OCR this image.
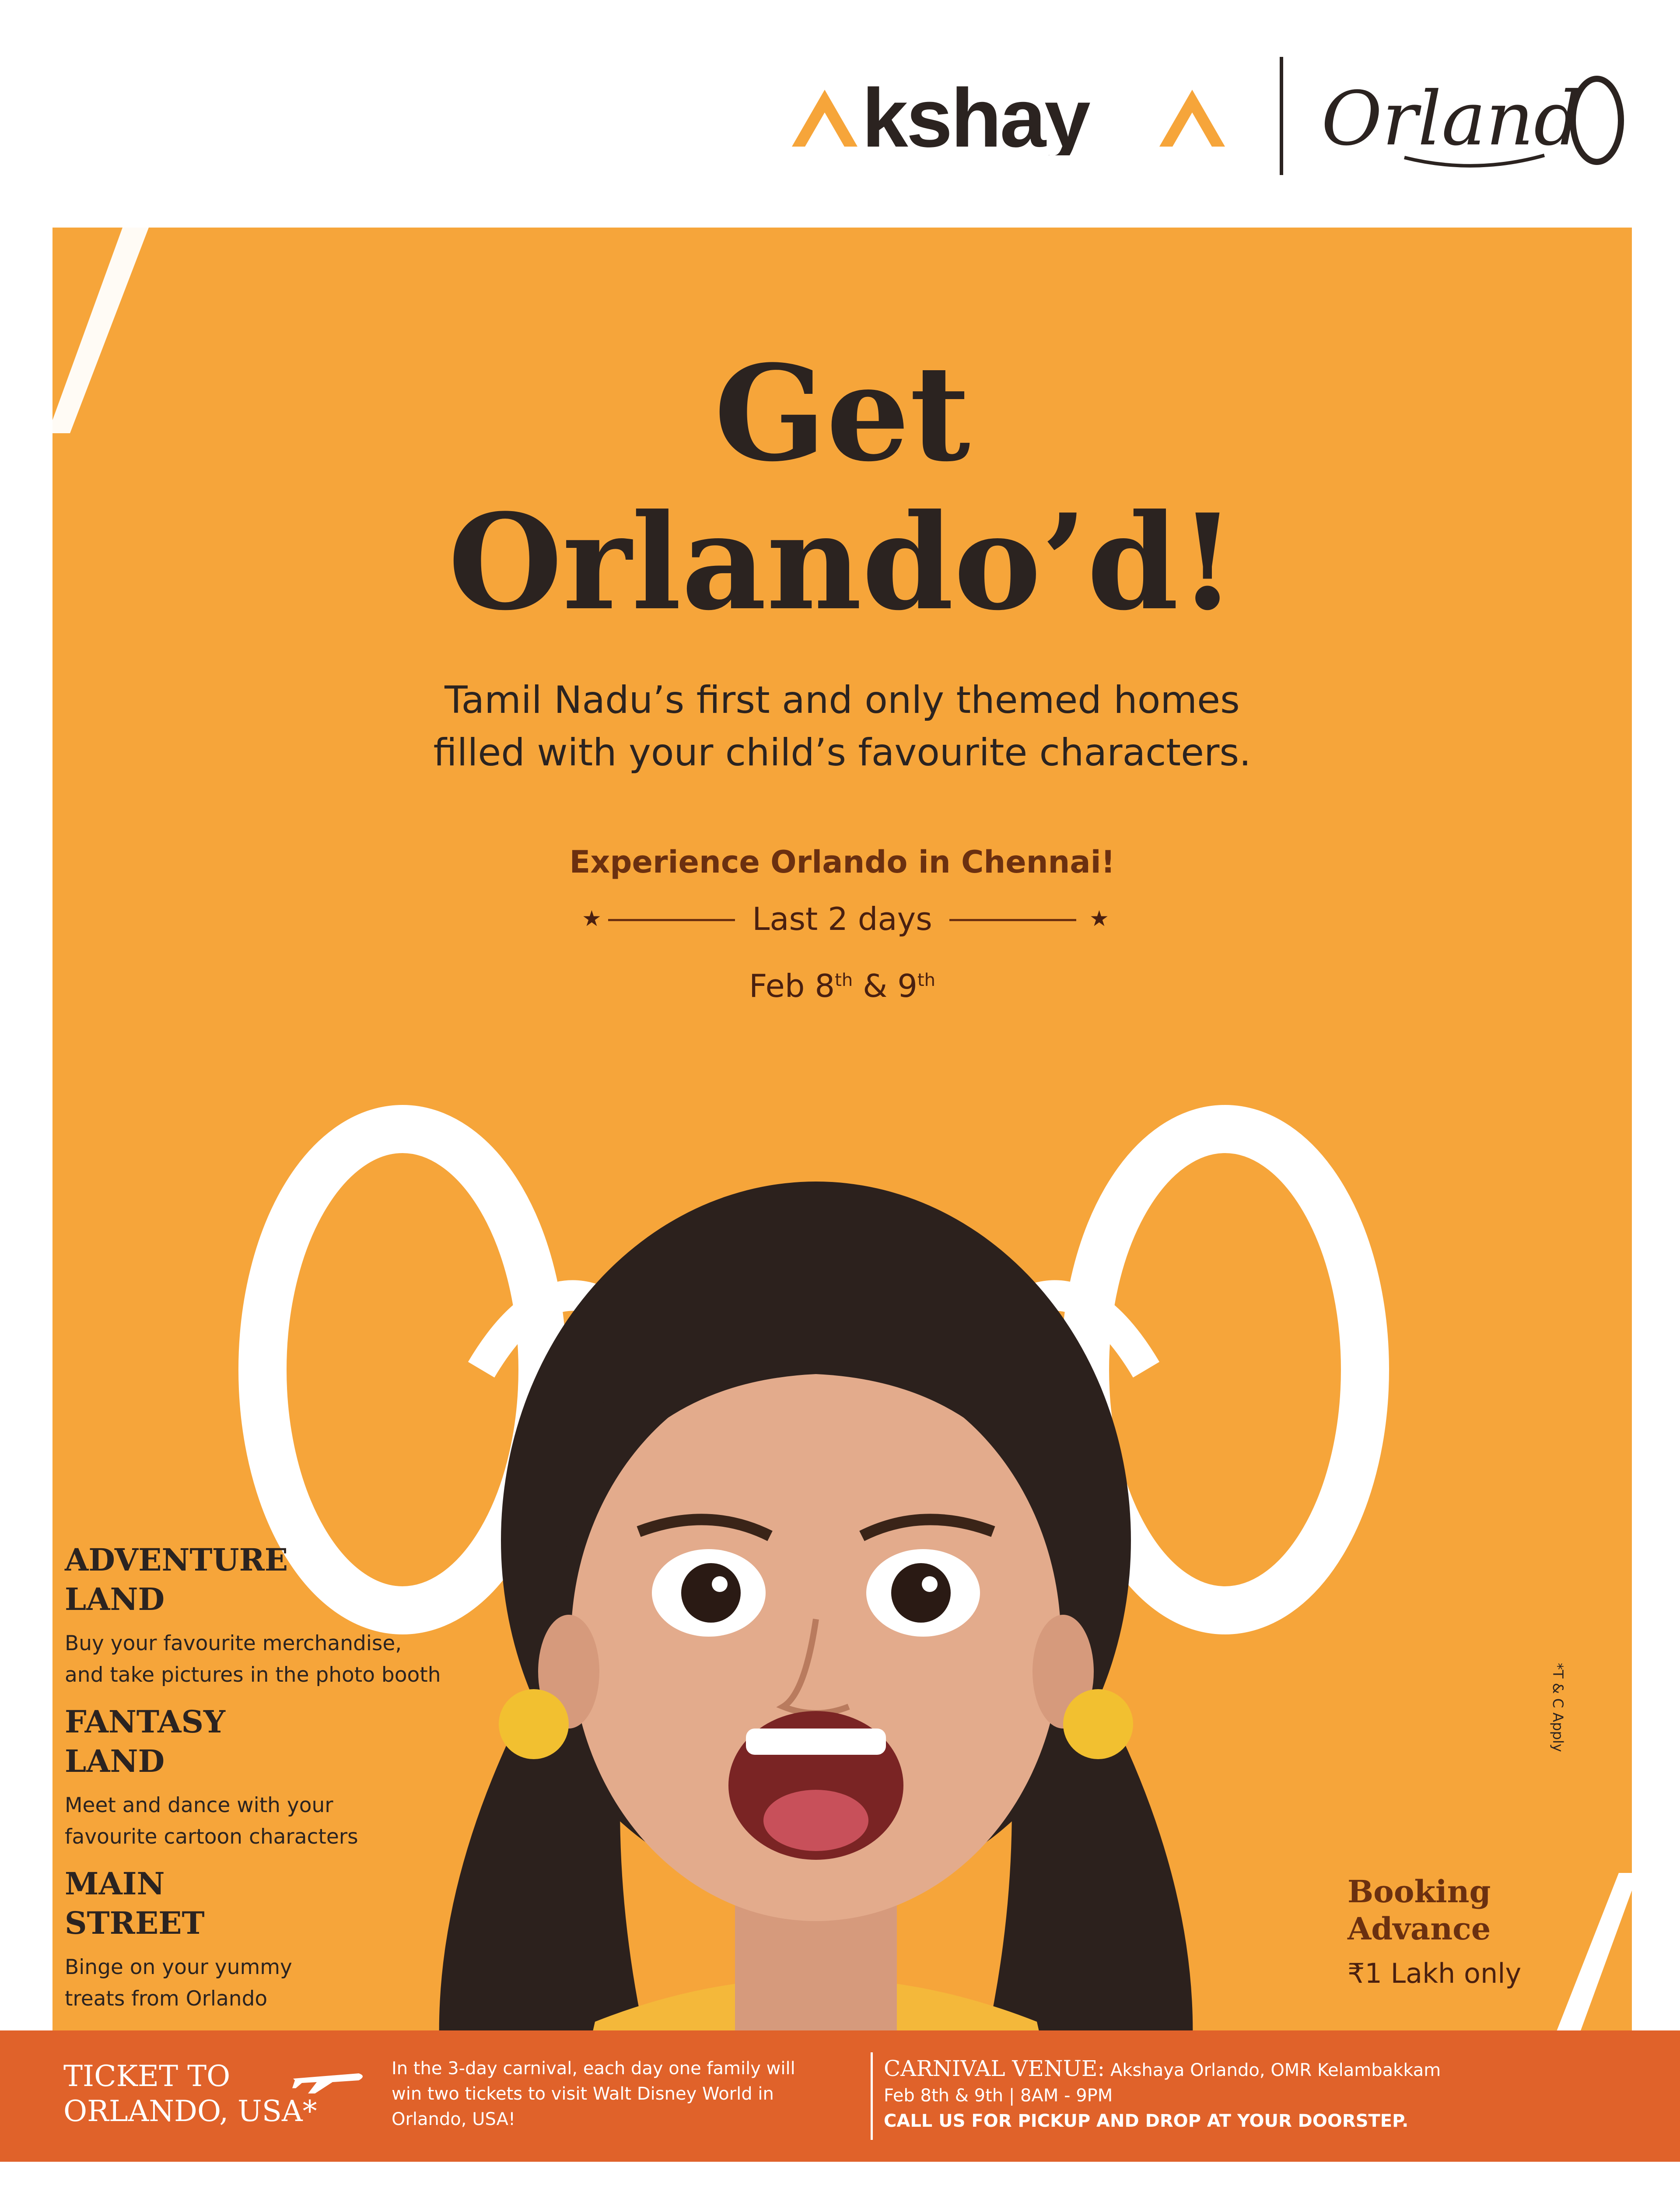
kshay	Orland
Get
Orlando’d!
Tamil Nadu’s first and only themed homes
filled with your child’s favourite characters.
Experience Orlando in Chennai!
★	Last 2 days	★
Feb 8th & 9th
ADVENTURE
LAND
Buy your favourite merchandise,
and take pictures in the photo booth
FANTASY
LAND
Meet and dance with your
favourite cartoon characters
MAIN
STREET
Binge on your yummy
treats from Orlando
*T & C Apply
Booking
Advance
₹1 Lakh only
TICKET TO
ORLANDO, USA*
In the 3-day carnival, each day one family will
win two tickets to visit Walt Disney World in
Orlando, USA!
CARNIVAL VENUE: Akshaya Orlando, OMR Kelambakkam
Feb 8th & 9th | 8AM - 9PM
CALL US FOR PICKUP AND DROP AT YOUR DOORSTEP.
